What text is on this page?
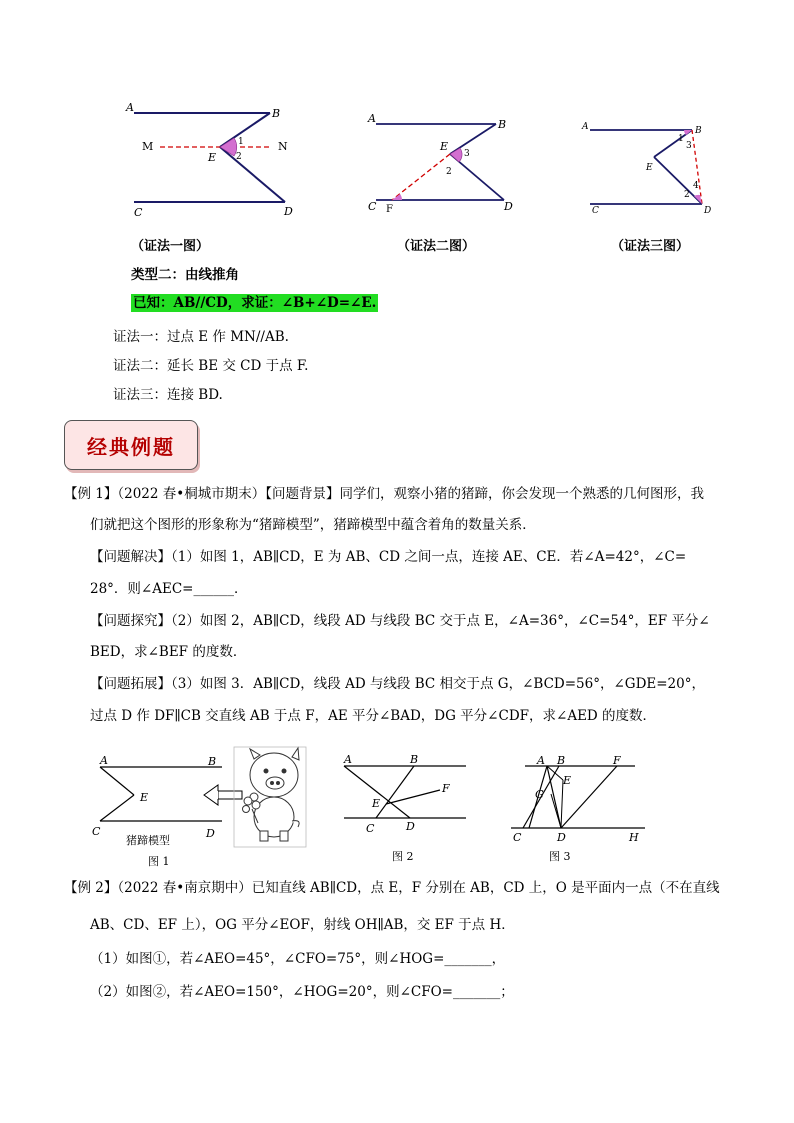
A	B
C	D
E
M	N
1
2
（证法一图）
A	B
C	D
E
F
2
3
（证法二图）
A	B
C	D
E
1
3
2
4
（证法三图）
类型二：由线推角
已知：AB//CD，求证：∠B+∠D=∠E.
证法一：过点 E 作 MN//AB.
证法二：延长 BE 交 CD 于点 F.
证法三：连接 BD.
经典例题
【例 1】（2022 春•桐城市期末）【问题背景】同学们，观察小猪的猪蹄，你会发现一个熟悉的几何图形，我
们就把这个图形的形象称为“猪蹄模型”，猪蹄模型中蕴含着角的数量关系．
【问题解决】（1）如图 1，AB∥CD，E 为 AB、CD 之间一点，连接 AE、CE．若∠A=42°，∠C=
28°．则∠AEC=______．
【问题探究】（2）如图 2，AB∥CD，线段 AD 与线段 BC 交于点 E，∠A=36°，∠C=54°，EF 平分∠
BED，求∠BEF 的度数．
【问题拓展】（3）如图 3．AB∥CD，线段 AD 与线段 BC 相交于点 G，∠BCD=56°，∠GDE=20°，
过点 D 作 DF∥CB 交直线 AB 于点 F，AE 平分∠BAD，DG 平分∠CDF，求∠AED 的度数．
A	B
C	D
E
猪蹄模型
图 1
A	B
C	D
E
F
图 2
A B	F
E
G
C	D	H
图 3
【例 2】（2022 春•南京期中）已知直线 AB∥CD，点 E，F 分别在 AB，CD 上，O 是平面内一点（不在直线
AB、CD、EF 上），OG 平分∠EOF，射线 OH∥AB，交 EF 于点 H．
（1）如图①，若∠AEO=45°，∠CFO=75°，则∠HOG=_______，
（2）如图②，若∠AEO=150°，∠HOG=20°，则∠CFO=_______；
